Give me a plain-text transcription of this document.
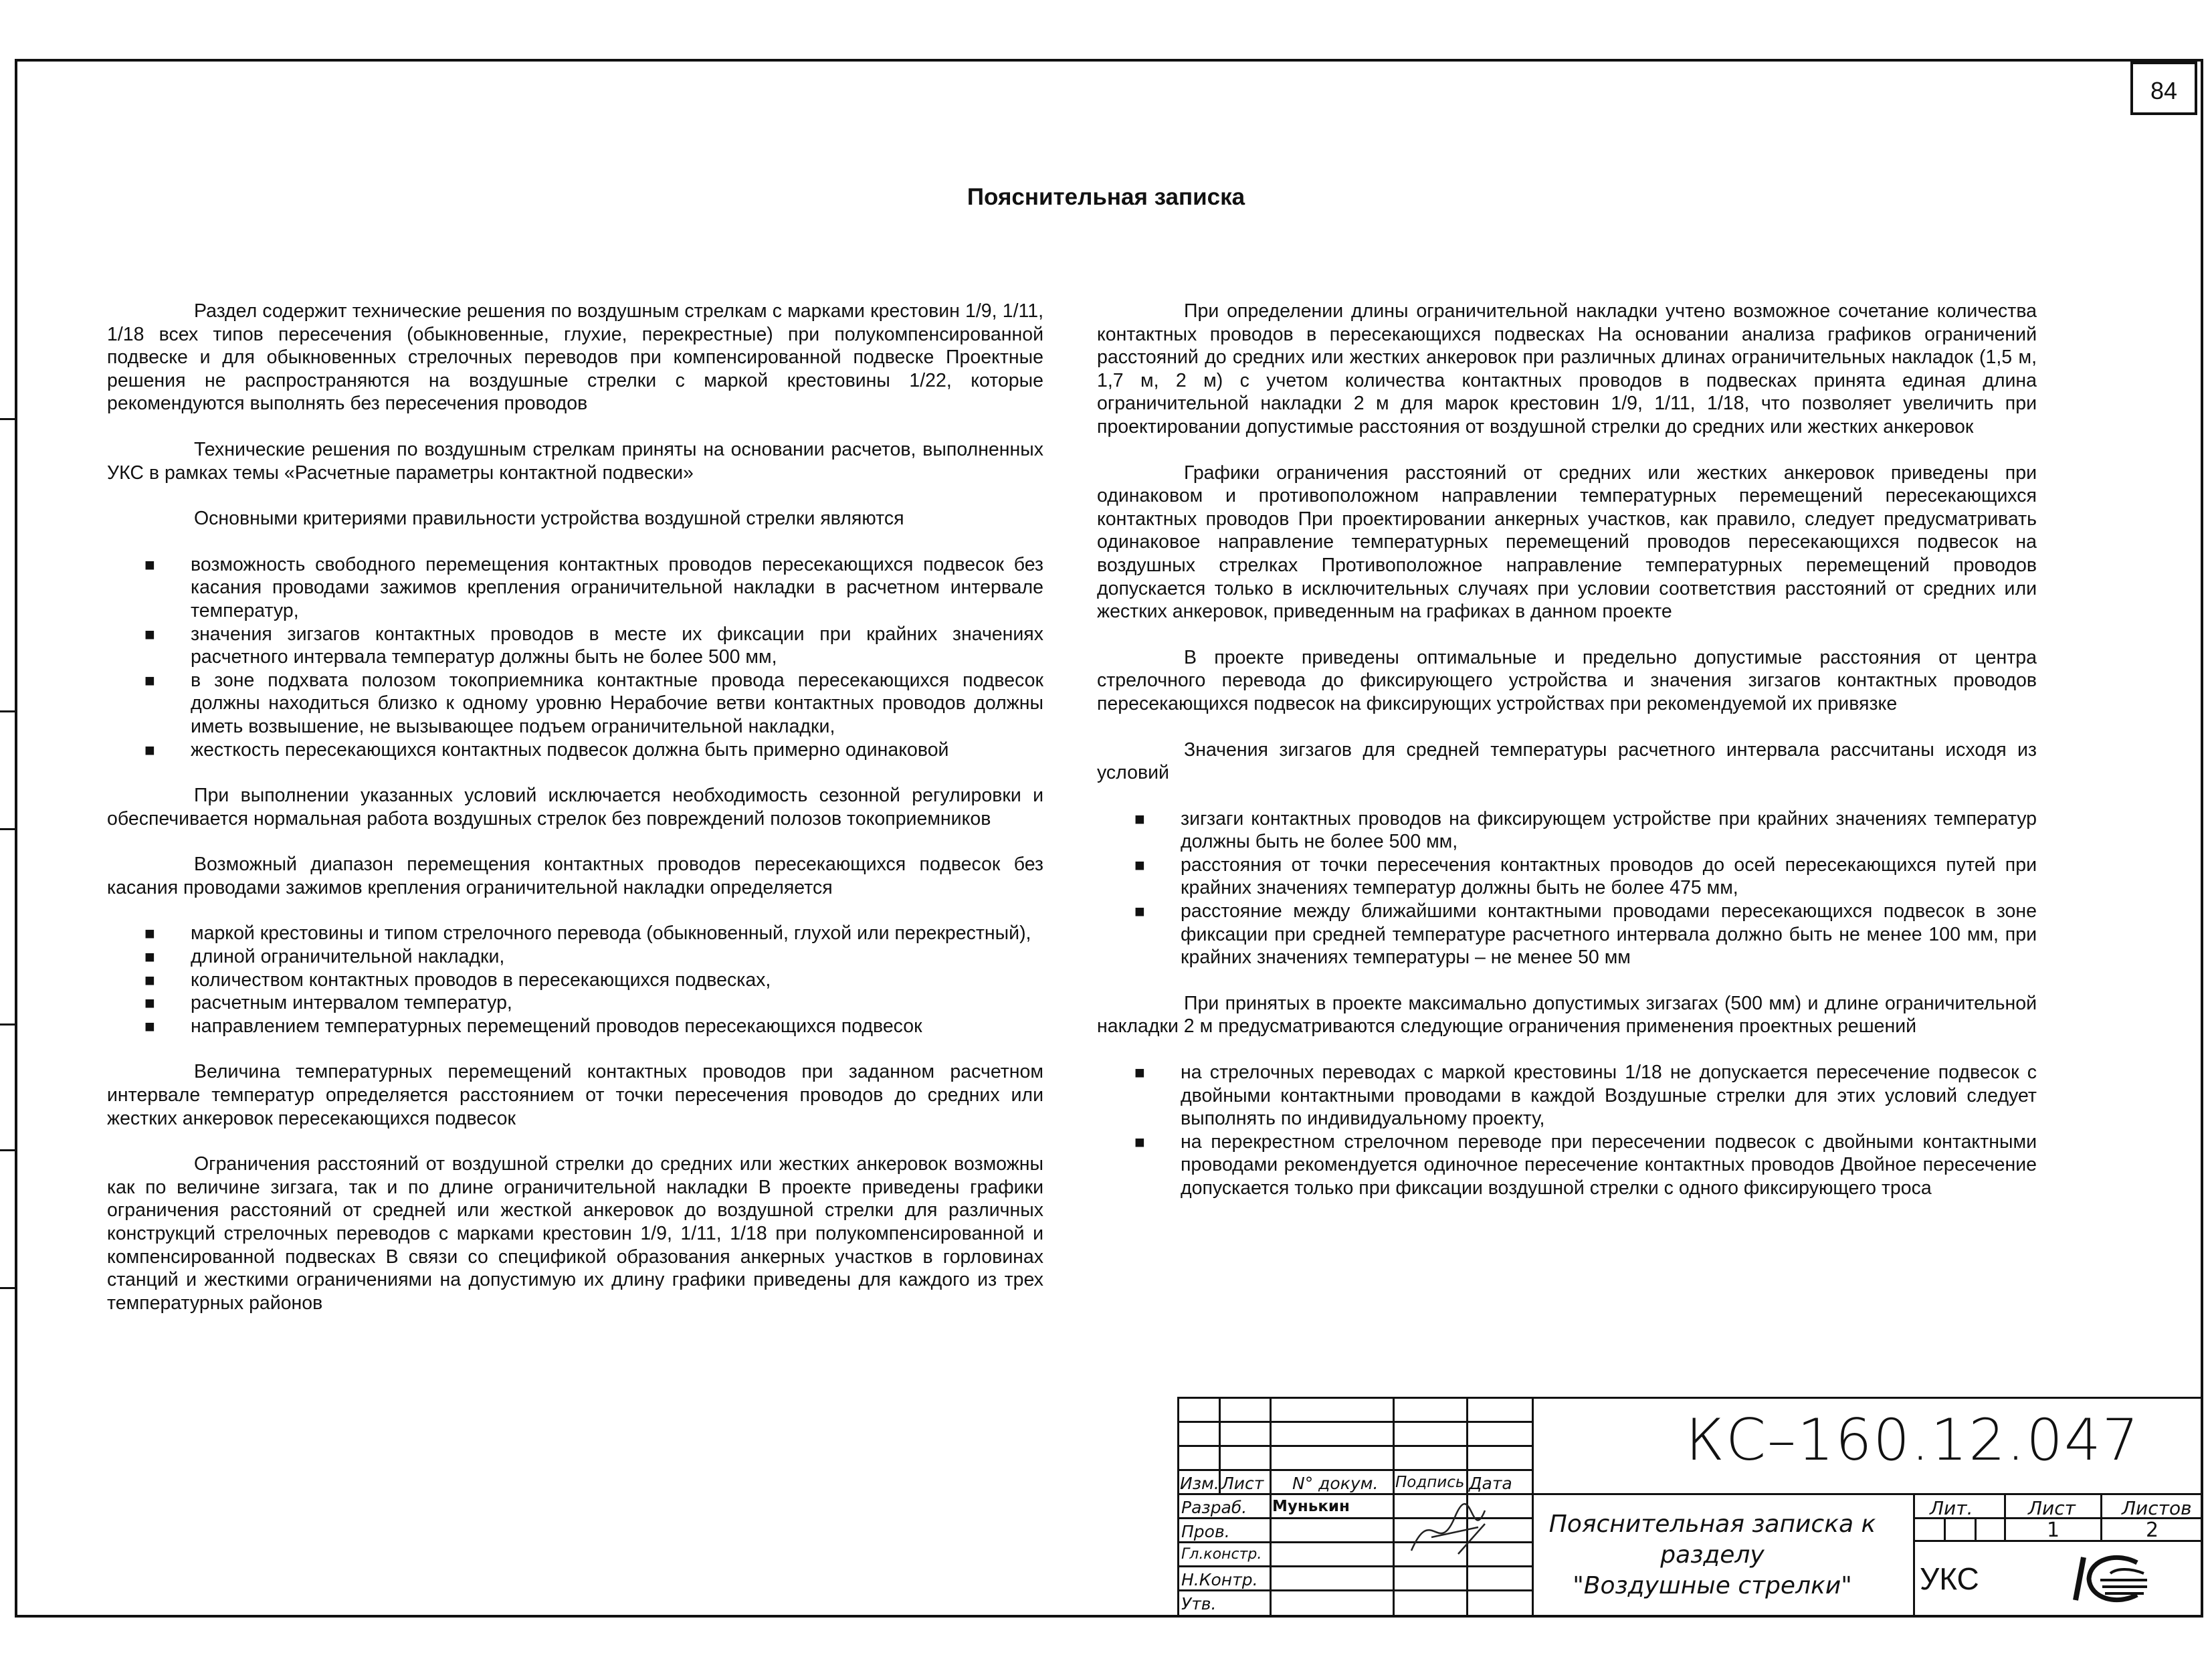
84
Пояснительная записка

Раздел содержит технические решения по воздушным стрелкам с марками крестовин 1/9, 1/11, 1/18 всех типов пересечения (обыкновенные, глухие, перекрестные) при полукомпенсированной подвеске и для обыкновенных стрелочных переводов при компенсированной подвеске Проектные решения не распространяются на воздушные стрелки с маркой крестовины 1/22, которые рекомендуются выполнять без пересечения проводов

Технические решения по воздушным стрелкам приняты на основании расчетов, выполненных УКС в рамках темы «Расчетные параметры контактной подвески»

Основными критериями правильности устройства воздушной стрелки являются

■ возможность свободного перемещения контактных проводов пересекающихся подвесок без касания проводами зажимов крепления ограничительной накладки в расчетном интервале температур,
■ значения зигзагов контактных проводов в месте их фиксации при крайних значениях расчетного интервала температур должны быть не более 500 мм,
■ в зоне подхвата полозом токоприемника контактные провода пересекающихся подвесок должны находиться близко к одному уровню Нерабочие ветви контактных проводов должны иметь возвышение, не вызывающее подъем ограничительной накладки,
■ жесткость пересекающихся контактных подвесок должна быть примерно одинаковой

При выполнении указанных условий исключается необходимость сезонной регулировки и обеспечивается нормальная работа воздушных стрелок без повреждений полозов токоприемников

Возможный диапазон перемещения контактных проводов пересекающихся подвесок без касания проводами зажимов крепления ограничительной накладки определяется

■ маркой крестовины и типом стрелочного перевода (обыкновенный, глухой или перекрестный),
■ длиной ограничительной накладки,
■ количеством контактных проводов в пересекающихся подвесках,
■ расчетным интервалом температур,
■ направлением температурных перемещений проводов пересекающихся подвесок

Величина температурных перемещений контактных проводов при заданном расчетном интервале температур определяется расстоянием от точки пересечения проводов до средних или жестких анкеровок пересекающихся подвесок

Ограничения расстояний от воздушной стрелки до средних или жестких анкеровок возможны как по величине зигзага, так и по длине ограничительной накладки В проекте приведены графики ограничения расстояний от средней или жесткой анкеровок до воздушной стрелки для различных конструкций стрелочных переводов с марками крестовин 1/9, 1/11, 1/18 при полукомпенсированной и компенсированной подвесках В связи со спецификой образования анкерных участков в горловинах станций и жесткими ограничениями на допустимую их длину графики приведены для каждого из трех температурных районов

При определении длины ограничительной накладки учтено возможное сочетание количества контактных проводов в пересекающихся подвесках На основании анализа графиков ограничений расстояний до средних или жестких анкеровок при различных длинах ограничительных накладок (1,5 м, 1,7 м, 2 м) с учетом количества контактных проводов в подвесках принята единая длина ограничительной накладки 2 м для марок крестовин 1/9, 1/11, 1/18, что позволяет увеличить при проектировании допустимые расстояния от воздушной стрелки до средних или жестких анкеровок

Графики ограничения расстояний от средних или жестких анкеровок приведены при одинаковом и противоположном направлении температурных перемещений пересекающихся контактных проводов При проектировании анкерных участков, как правило, следует предусматривать одинаковое направление температурных перемещений проводов пересекающихся подвесок на воздушных стрелках Противоположное направление температурных перемещений проводов допускается только в исключительных случаях при условии соответствия расстояний от средних или жестких анкеровок, приведенным на графиках в данном проекте

В проекте приведены оптимальные и предельно допустимые расстояния от центра стрелочного перевода до фиксирующего устройства и значения зигзагов контактных проводов пересекающихся подвесок на фиксирующих устройствах при рекомендуемой их привязке

Значения зигзагов для средней температуры расчетного интервала рассчитаны исходя из условий

■ зигзаги контактных проводов на фиксирующем устройстве при крайних значениях температур должны быть не более 500 мм,
■ расстояния от точки пересечения контактных проводов до осей пересекающихся путей при крайних значениях температур должны быть не более 475 мм,
■ расстояние между ближайшими контактными проводами пересекающихся подвесок в зоне фиксации при средней температуре расчетного интервала должно быть не менее 100 мм, при крайних значениях температуры – не менее 50 мм

При принятых в проекте максимально допустимых зигзагах (500 мм) и длине ограничительной накладки 2 м предусматриваются следующие ограничения применения проектных решений

■ на стрелочных переводах с маркой крестовины 1/18 не допускается пересечение подвесок с двойными контактными проводами в каждой Воздушные стрелки для этих условий следует выполнять по индивидуальному проекту,
■ на перекрестном стрелочном переводе при пересечении подвесок с двойными контактными проводами рекомендуется одиночное пересечение контактных проводов Двойное пересечение допускается только при фиксации воздушной стрелки с одного фиксирующего троса
Изм. Лист N° докум. Подпись Дата
Разраб.
Пров.
Гл.констр.
Н.Контр.
Утв.
Мунькин
КС–160.12.047
Пояснительная записка к разделу
"Воздушные стрелки"
Лит.	Лист Листов
1	2
УКС
